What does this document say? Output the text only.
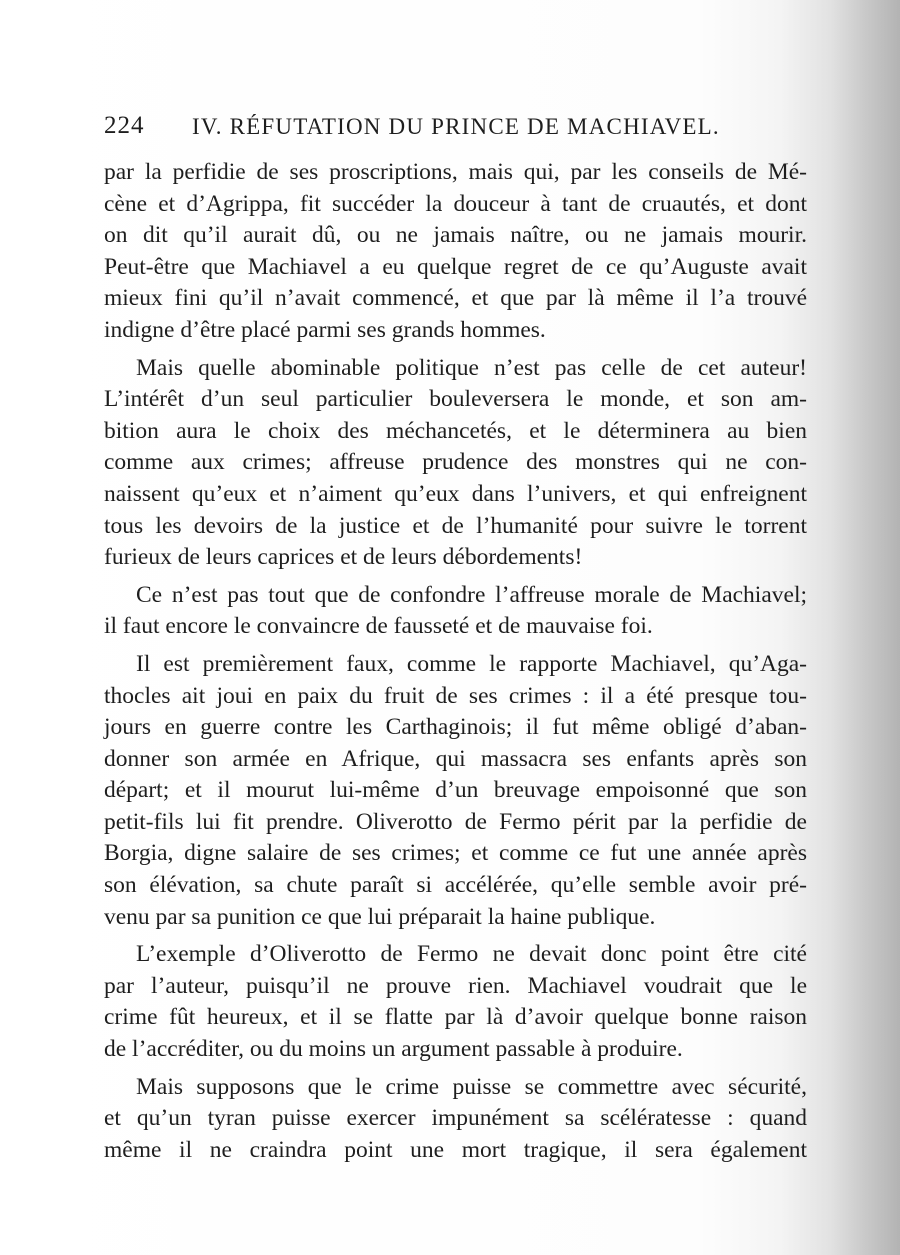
224 IV. RÉFUTATION DU PRINCE DE MACHIAVEL.
par la perfidie de ses proscriptions, mais qui, par les conseils de Mé-
cène et d’Agrippa, fit succéder la douceur à tant de cruautés, et dont
on dit qu’il aurait dû, ou ne jamais naître, ou ne jamais mourir.
Peut-être que Machiavel a eu quelque regret de ce qu’Auguste avait
mieux fini qu’il n’avait commencé, et que par là même il l’a trouvé
indigne d’être placé parmi ses grands hommes.
Mais quelle abominable politique n’est pas celle de cet auteur!
L’intérêt d’un seul particulier bouleversera le monde, et son am-
bition aura le choix des méchancetés, et le déterminera au bien
comme aux crimes; affreuse prudence des monstres qui ne con-
naissent qu’eux et n’aiment qu’eux dans l’univers, et qui enfreignent
tous les devoirs de la justice et de l’humanité pour suivre le torrent
furieux de leurs caprices et de leurs débordements!
Ce n’est pas tout que de confondre l’affreuse morale de Machiavel;
il faut encore le convaincre de fausseté et de mauvaise foi.
Il est premièrement faux, comme le rapporte Machiavel, qu’Aga-
thocles ait joui en paix du fruit de ses crimes : il a été presque tou-
jours en guerre contre les Carthaginois; il fut même obligé d’aban-
donner son armée en Afrique, qui massacra ses enfants après son
départ; et il mourut lui-même d’un breuvage empoisonné que son
petit-fils lui fit prendre. Oliverotto de Fermo périt par la perfidie de
Borgia, digne salaire de ses crimes; et comme ce fut une année après
son élévation, sa chute paraît si accélérée, qu’elle semble avoir pré-
venu par sa punition ce que lui préparait la haine publique.
L’exemple d’Oliverotto de Fermo ne devait donc point être cité
par l’auteur, puisqu’il ne prouve rien. Machiavel voudrait que le
crime fût heureux, et il se flatte par là d’avoir quelque bonne raison
de l’accréditer, ou du moins un argument passable à produire.
Mais supposons que le crime puisse se commettre avec sécurité,
et qu’un tyran puisse exercer impunément sa scélératesse : quand
même il ne craindra point une mort tragique, il sera également
